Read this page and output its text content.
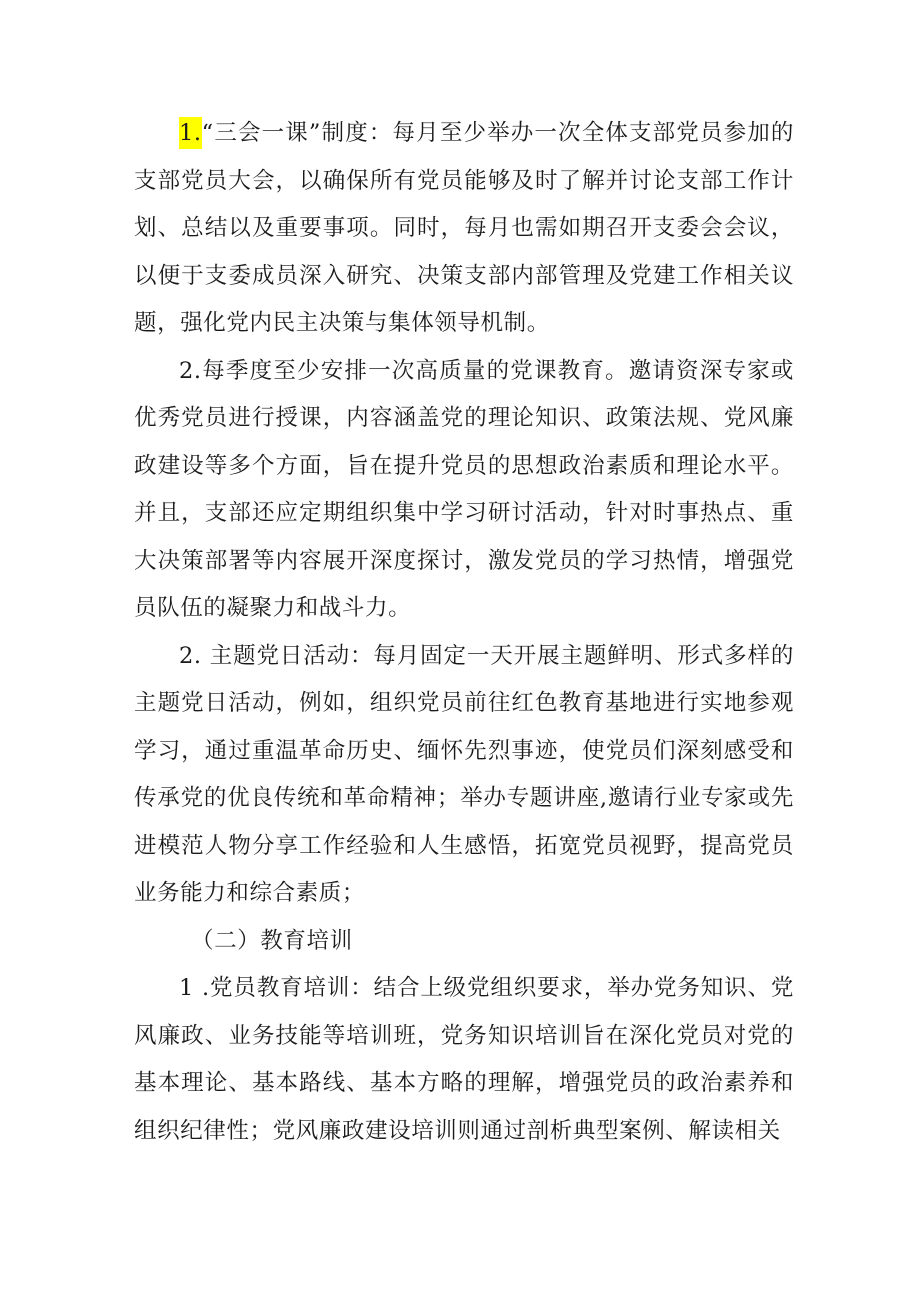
1.“三会一课”制度：每月至少举办一次全体支部党员参加的支部党员大会，以确保所有党员能够及时了解并讨论支部工作计划、总结以及重要事项。同时，每月也需如期召开支委会会议，以便于支委成员深入研究、决策支部内部管理及党建工作相关议题，强化党内民主决策与集体领导机制。

2.每季度至少安排一次高质量的党课教育。邀请资深专家或优秀党员进行授课，内容涵盖党的理论知识、政策法规、党风廉政建设等多个方面，旨在提升党员的思想政治素质和理论水平。并且，支部还应定期组织集中学习研讨活动，针对时事热点、重大决策部署等内容展开深度探讨，激发党员的学习热情，增强党员队伍的凝聚力和战斗力。

2. 主题党日活动：每月固定一天开展主题鲜明、形式多样的主题党日活动，例如，组织党员前往红色教育基地进行实地参观学习，通过重温革命历史、缅怀先烈事迹，使党员们深刻感受和传承党的优良传统和革命精神；举办专题讲座,邀请行业专家或先进模范人物分享工作经验和人生感悟，拓宽党员视野，提高党员业务能力和综合素质；

（二）教育培训

1 .党员教育培训：结合上级党组织要求，举办党务知识、党风廉政、业务技能等培训班，党务知识培训旨在深化党员对党的基本理论、基本路线、基本方略的理解，增强党员的政治素养和组织纪律性；党风廉政建设培训则通过剖析典型案例、解读相关
